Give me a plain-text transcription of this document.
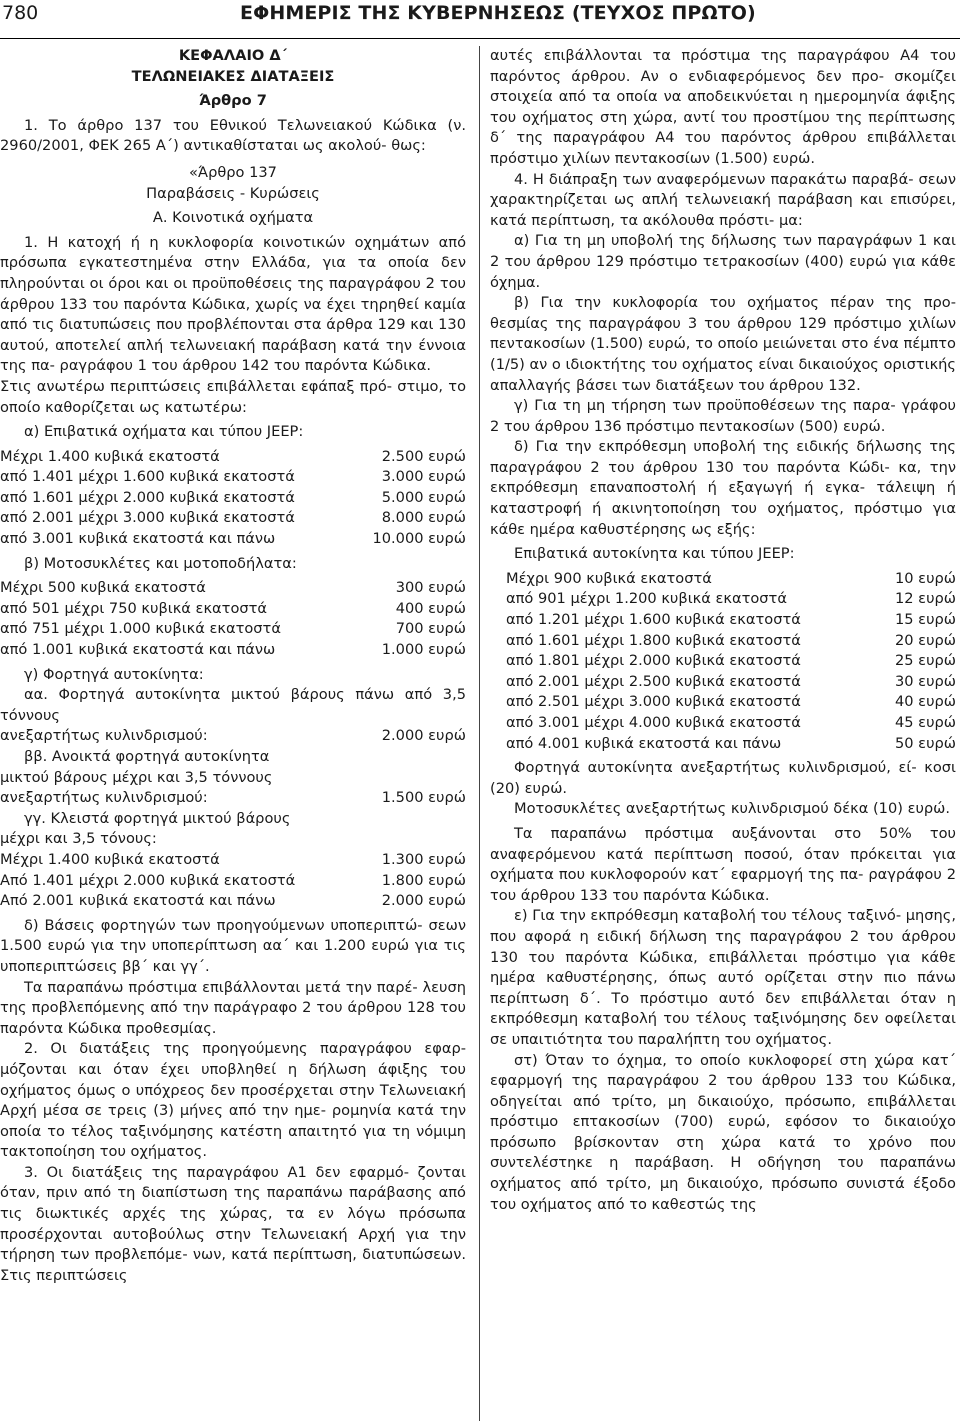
780	ΕΦΗΜΕΡΙΣ ΤΗΣ ΚΥΒΕΡΝΗΣΕΩΣ (ΤΕΥΧΟΣ ΠΡΩΤΟ)

ΚΕΦΑΛΑΙΟ Δ΄

ΤΕΛΩΝΕΙΑΚΕΣ ΔΙΑΤΑΞΕΙΣ

Άρθρο 7

1. Το άρθρο 137 του Εθνικού Τελωνειακού Κώδικα (ν. 2960/2001, ΦΕΚ 265 Α΄) αντικαθίσταται ως ακολού- θως:

«Άρθρο 137

Παραβάσεις - Κυρώσεις

Α. Κοινοτικά οχήματα

1. Η κατοχή ή η κυκλοφορία κοινοτικών οχημάτων από πρόσωπα εγκατεστημένα στην Ελλάδα, για τα οποία δεν πληρούνται οι όροι και οι προϋποθέσεις της παραγράφου 2 του άρθρου 133 του παρόντα Κώδικα, χωρίς να έχει τηρηθεί καμία από τις διατυπώσεις που προβλέπονται στα άρθρα 129 και 130 αυτού, αποτελεί απλή τελωνειακή παράβαση κατά την έννοια της πα- ραγράφου 1 του άρθρου 142 του παρόντα Κώδικα.

Στις ανωτέρω περιπτώσεις επιβάλλεται εφάπαξ πρό- στιμο, το οποίο καθορίζεται ως κατωτέρω:

α) Επιβατικά οχήματα και τύπου JEEP:

Μέχρι 1.400 κυβικά εκατοστά	2.500 ευρώ
από 1.401 μέχρι 1.600 κυβικά εκατοστά	3.000 ευρώ
από 1.601 μέχρι 2.000 κυβικά εκατοστά	5.000 ευρώ
από 2.001 μέχρι 3.000 κυβικά εκατοστά	8.000 ευρώ
από 3.001 κυβικά εκατοστά και πάνω	10.000 ευρώ

β) Μοτοσυκλέτες και μοτοποδήλατα:

Μέχρι 500 κυβικά εκατοστά	300 ευρώ
από 501 μέχρι 750 κυβικά εκατοστά	400 ευρώ
από 751 μέχρι 1.000 κυβικά εκατοστά	700 ευρώ
από 1.001 κυβικά εκατοστά και πάνω	1.000 ευρώ

γ) Φορτηγά αυτοκίνητα:

αα. Φορτηγά αυτοκίνητα μικτού βάρους πάνω από 3,5 τόννους

ανεξαρτήτως κυλινδρισμού:	2.000 ευρώ

ββ. Ανοικτά φορτηγά αυτοκίνητα

μικτού βάρους μέχρι και 3,5 τόννους

ανεξαρτήτως κυλινδρισμού:	1.500 ευρώ

γγ. Κλειστά φορτηγά μικτού βάρους

μέχρι και 3,5 τόνους:

Μέχρι 1.400 κυβικά εκατοστά	1.300 ευρώ
Από 1.401 μέχρι 2.000 κυβικά εκατοστά	1.800 ευρώ
Από 2.001 κυβικά εκατοστά και πάνω	2.000 ευρώ

δ) Βάσεις φορτηγών των προηγούμενων υποπεριπτώ- σεων 1.500 ευρώ για την υποπερίπτωση αα΄ και 1.200 ευρώ για τις υποπεριπτώσεις ββ΄ και γγ΄.

Τα παραπάνω πρόστιμα επιβάλλονται μετά την παρέ- λευση της προβλεπόμενης από την παράγραφο 2 του άρθρου 128 του παρόντα Κώδικα προθεσμίας.

2. Οι διατάξεις της προηγούμενης παραγράφου εφαρ- μόζονται και όταν έχει υποβληθεί η δήλωση άφιξης του οχήματος όμως ο υπόχρεος δεν προσέρχεται στην Τελωνειακή Αρχή μέσα σε τρεις (3) μήνες από την ημε- ρομηνία κατά την οποία το τέλος ταξινόμησης κατέστη απαιτητό για τη νόμιμη τακτοποίηση του οχήματος.

3. Οι διατάξεις της παραγράφου Α1 δεν εφαρμό- ζονται όταν, πριν από τη διαπίστωση της παραπάνω παράβασης από τις διωκτικές αρχές της χώρας, τα εν λόγω πρόσωπα προσέρχονται αυτοβούλως στην Τελωνειακή Αρχή για την τήρηση των προβλεπόμε- νων, κατά περίπτωση, διατυπώσεων. Στις περιπτώσεις

αυτές επιβάλλονται τα πρόστιμα της παραγράφου Α4 του παρόντος άρθρου. Αν ο ενδιαφερόμενος δεν προ- σκομίζει στοιχεία από τα οποία να αποδεικνύεται η ημερομηνία άφιξης του οχήματος στη χώρα, αντί του προστίμου της περίπτωσης δ΄ της παραγράφου Α4 του παρόντος άρθρου επιβάλλεται πρόστιμο χιλίων πεντακοσίων (1.500) ευρώ.

4. Η διάπραξη των αναφερόμενων παρακάτω παραβά- σεων χαρακτηρίζεται ως απλή τελωνειακή παράβαση και επισύρει, κατά περίπτωση, τα ακόλουθα πρόστι- μα:

α) Για τη μη υποβολή της δήλωσης των παραγράφων 1 και 2 του άρθρου 129 πρόστιμο τετρακοσίων (400) ευρώ για κάθε όχημα.

β) Για την κυκλοφορία του οχήματος πέραν της προ- θεσμίας της παραγράφου 3 του άρθρου 129 πρόστιμο χιλίων πεντακοσίων (1.500) ευρώ, το οποίο μειώνεται στο ένα πέμπτο (1/5) αν ο ιδιοκτήτης του οχήματος είναι δικαιούχος οριστικής απαλλαγής βάσει των διατάξεων του άρθρου 132.

γ) Για τη μη τήρηση των προϋποθέσεων της παρα- γράφου 2 του άρθρου 136 πρόστιμο πεντακοσίων (500) ευρώ.

δ) Για την εκπρόθεσμη υποβολή της ειδικής δήλωσης της παραγράφου 2 του άρθρου 130 του παρόντα Κώδι- κα, την εκπρόθεσμη επαναποστολή ή εξαγωγή ή εγκα- τάλειψη ή καταστροφή ή ακινητοποίηση του οχήματος, πρόστιμο για κάθε ημέρα καθυστέρησης ως εξής:

Επιβατικά αυτοκίνητα και τύπου JEEP:

Μέχρι 900 κυβικά εκατοστά	10 ευρώ
από 901 μέχρι 1.200 κυβικά εκατοστά	12 ευρώ
από 1.201 μέχρι 1.600 κυβικά εκατοστά	15 ευρώ
από 1.601 μέχρι 1.800 κυβικά εκατοστά	20 ευρώ
από 1.801 μέχρι 2.000 κυβικά εκατοστά	25 ευρώ
από 2.001 μέχρι 2.500 κυβικά εκατοστά	30 ευρώ
από 2.501 μέχρι 3.000 κυβικά εκατοστά	40 ευρώ
από 3.001 μέχρι 4.000 κυβικά εκατοστά	45 ευρώ
από 4.001 κυβικά εκατοστά και πάνω	50 ευρώ

Φορτηγά αυτοκίνητα ανεξαρτήτως κυλινδρισμού, εί- κοσι (20) ευρώ.

Μοτοσυκλέτες ανεξαρτήτως κυλινδρισμού δέκα (10) ευρώ.

Τα παραπάνω πρόστιμα αυξάνονται στο 50% του αναφερόμενου κατά περίπτωση ποσού, όταν πρόκειται για οχήματα που κυκλοφορούν κατ΄ εφαρμογή της πα- ραγράφου 2 του άρθρου 133 του παρόντα Κώδικα.

ε) Για την εκπρόθεσμη καταβολή του τέλους ταξινό- μησης, που αφορά η ειδική δήλωση της παραγράφου 2 του άρθρου 130 του παρόντα Κώδικα, επιβάλλεται πρόστιμο για κάθε ημέρα καθυστέρησης, όπως αυτό ορίζεται στην πιο πάνω περίπτωση δ΄. Το πρόστιμο αυτό δεν επιβάλλεται όταν η εκπρόθεσμη καταβολή του τέλους ταξινόμησης δεν οφείλεται σε υπαιτιότητα του παραλήπτη του οχήματος.

στ) Όταν το όχημα, το οποίο κυκλοφορεί στη χώρα κατ΄ εφαρμογή της παραγράφου 2 του άρθρου 133 του Κώδικα, οδηγείται από τρίτο, μη δικαιούχο, πρόσωπο, επιβάλλεται πρόστιμο επτακοσίων (700) ευρώ, εφόσον το δικαιούχο πρόσωπο βρίσκονταν στη χώρα κατά το χρόνο που συντελέστηκε η παράβαση. Η οδήγηση του παραπάνω οχήματος από τρίτο, μη δικαιούχο, πρόσωπο συνιστά έξοδο του οχήματος από το καθεστώς της
